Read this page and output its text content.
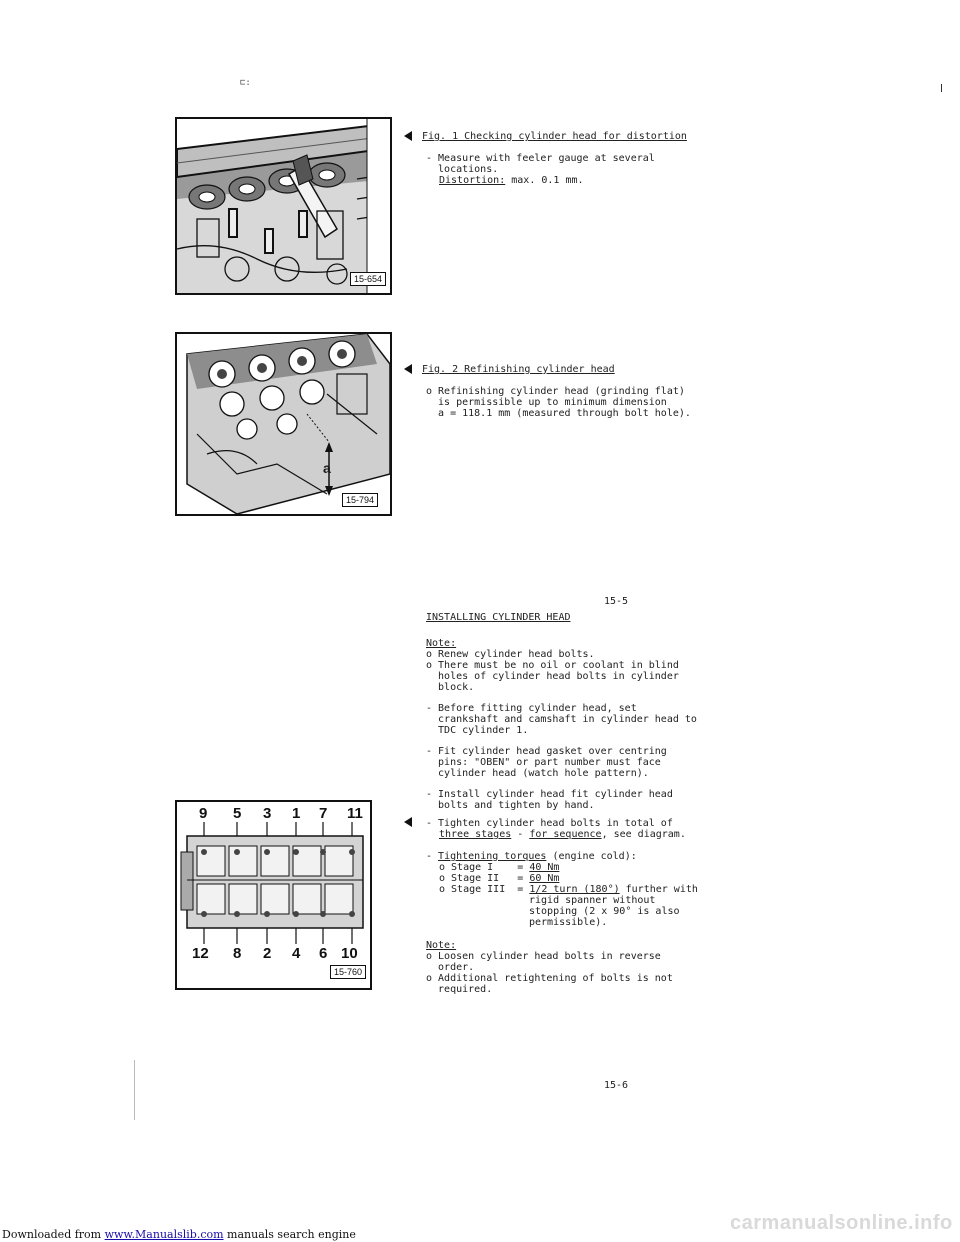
⊏:
15-654
Fig. 1 Checking cylinder head for distortion
- Measure with feeler gauge at several
locations.
Distortion: max. 0.1 mm.
a
15-794
Fig. 2 Refinishing cylinder head
o Refinishing cylinder head (grinding flat)
is permissible up to minimum dimension
a = 118.1 mm (measured through bolt hole).
15-5
9 5 3 1 7 11
12 8 2 4 6 10
15-760
INSTALLING CYLINDER HEAD
Note:
o Renew cylinder head bolts.
o There must be no oil or coolant in blind
holes of cylinder head bolts in cylinder
block.
- Before fitting cylinder head, set
crankshaft and camshaft in cylinder head to
TDC cylinder 1.
- Fit cylinder head gasket over centring
pins: "OBEN" or part number must face
cylinder head (watch hole pattern).
- Install cylinder head fit cylinder head
bolts and tighten by hand.
- Tighten cylinder head bolts in total of
three stages - for sequence, see diagram.
- Tightening torques (engine cold):
o Stage I    = 40 Nm
o Stage II   = 60 Nm
o Stage III  = 1/2 turn (180°) further with
rigid spanner without
stopping (2 x 90° is also
permissible).
Note:
o Loosen cylinder head bolts in reverse
order.
o Additional retightening of bolts is not
required.
15-6
Downloaded from www.Manualslib.com manuals search engine
carmanualsonline.info
